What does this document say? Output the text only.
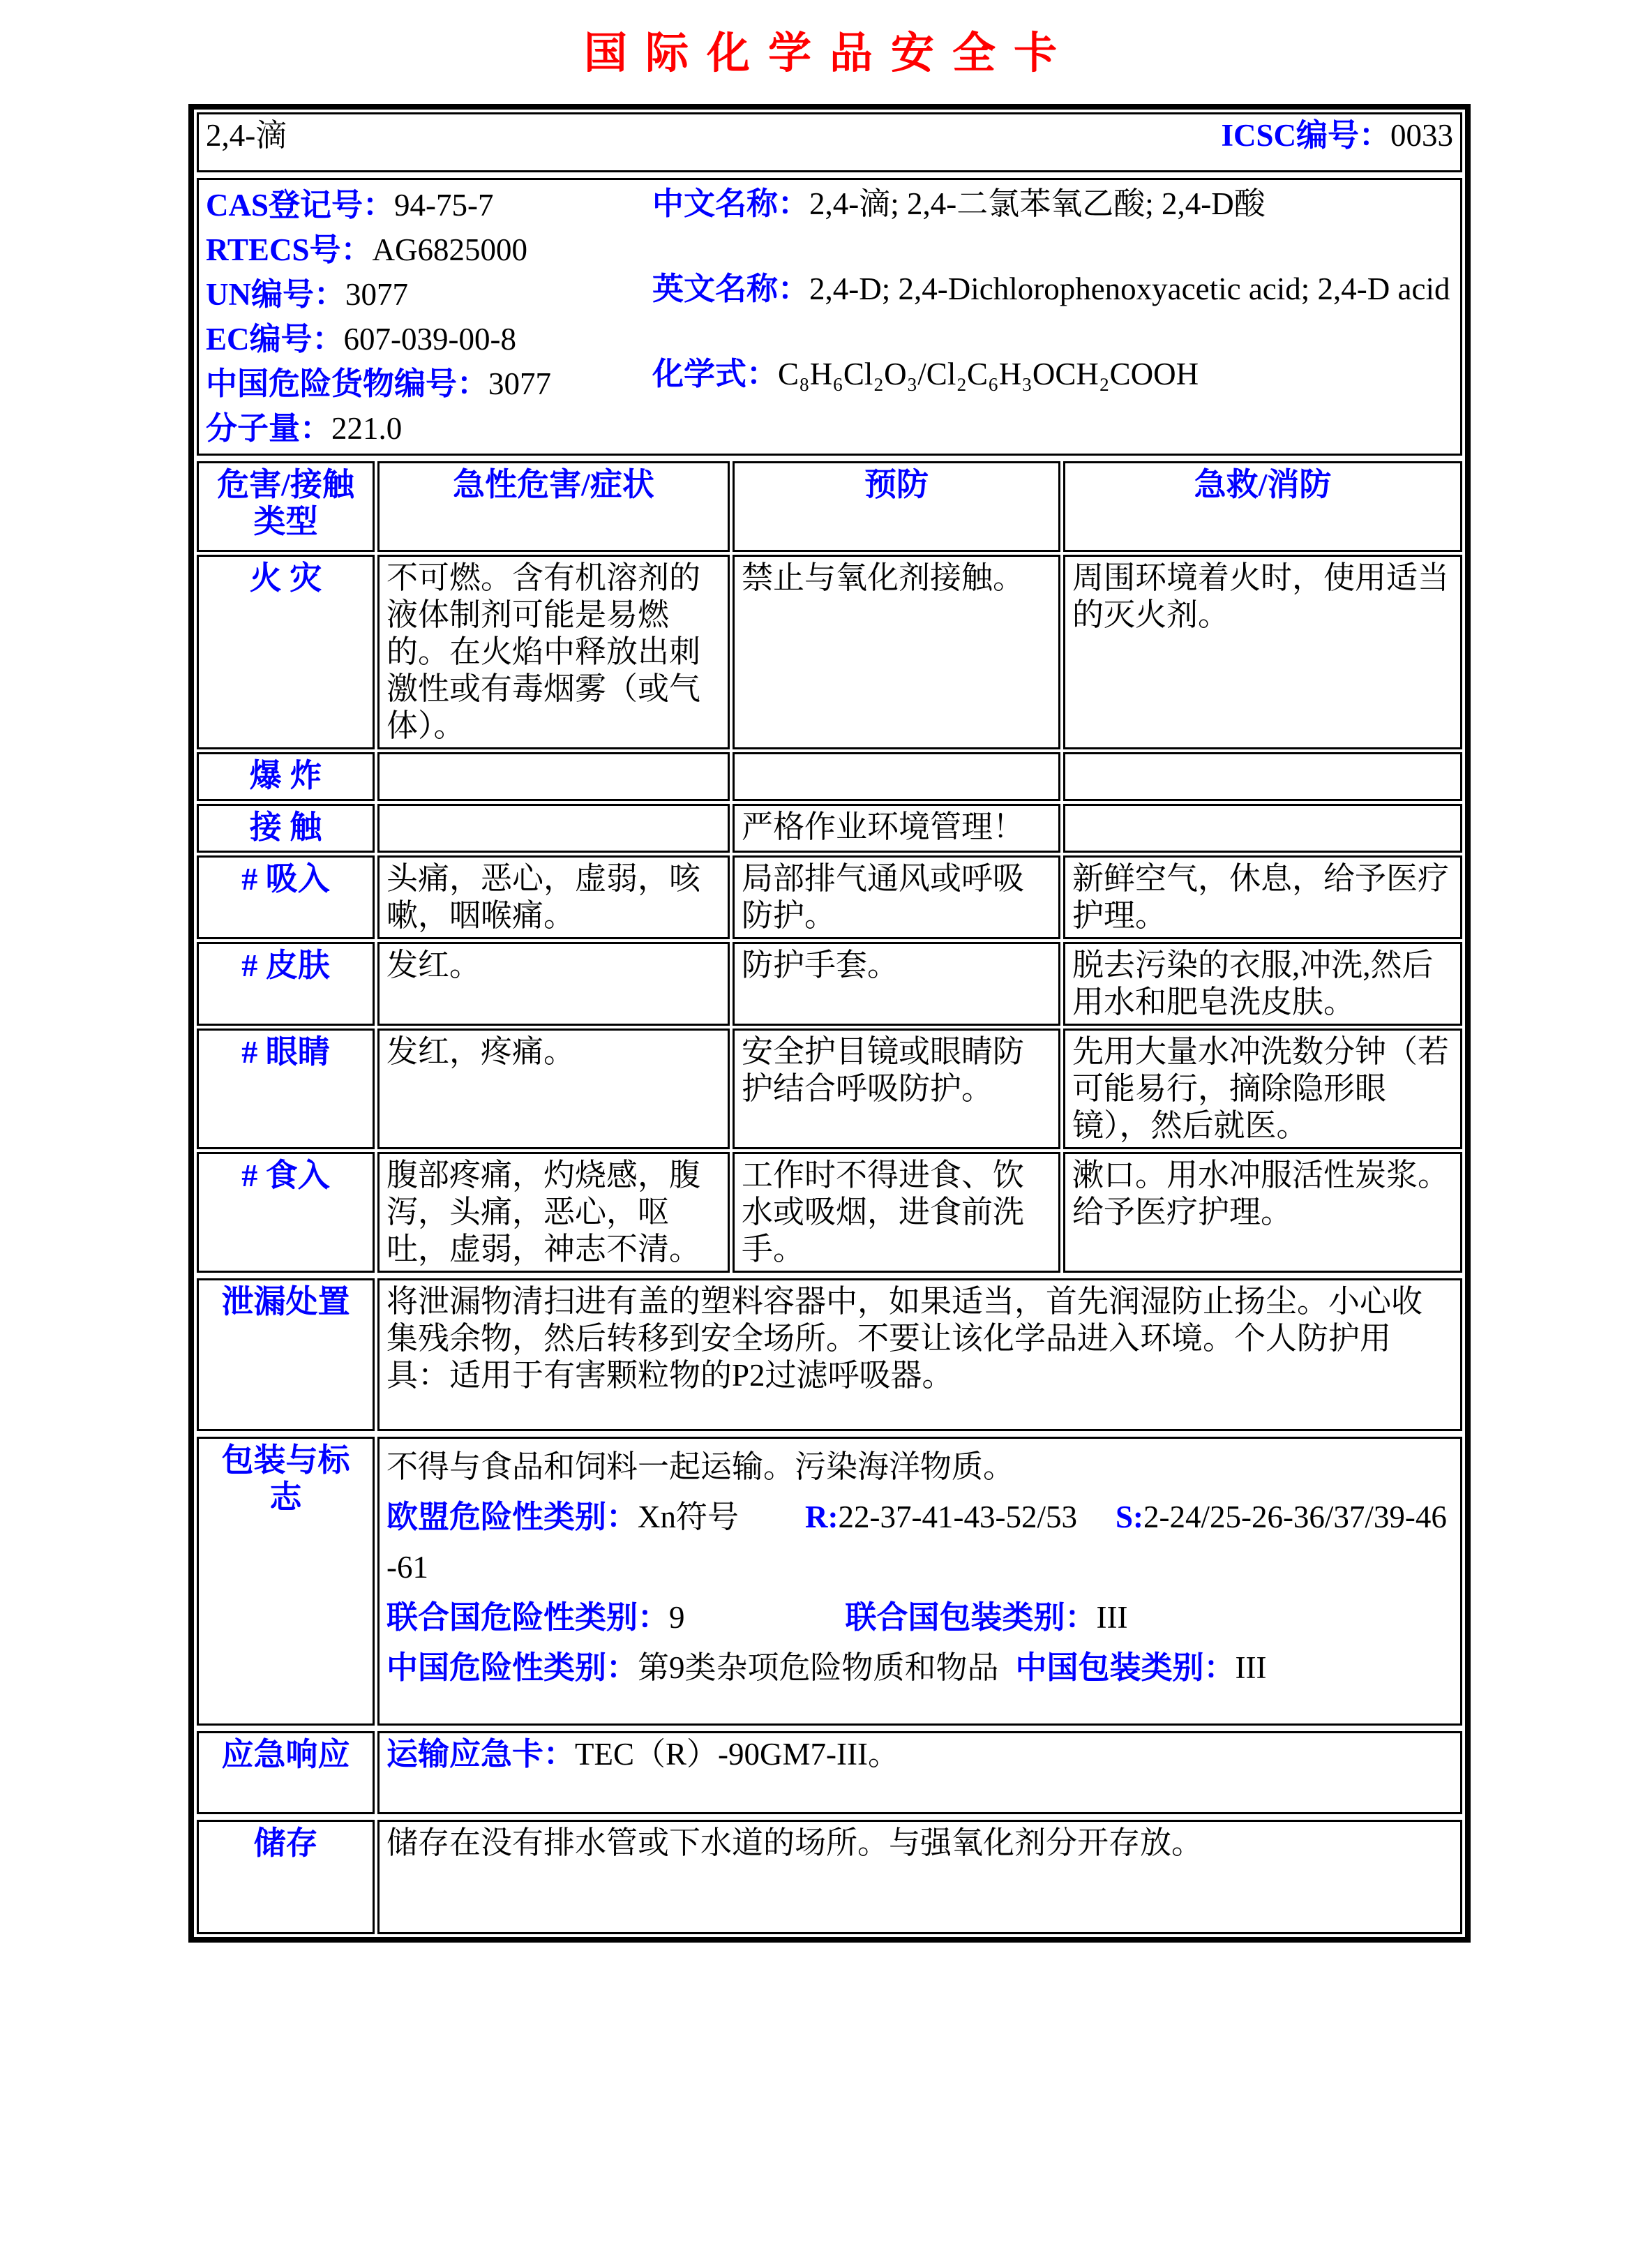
国际化学品安全卡
2,4-滴	ICSC编号：0033
CAS登记号：94-75-7
RTECS号：AG6825000
UN编号：3077
EC编号：607-039-00-8
中国危险货物编号：3077
分子量：221.0

中文名称：2,4-滴; 2,4-二氯苯氧乙酸; 2,4-D酸

英文名称：2,4-D; 2,4-Dichlorophenoxyacetic acid; 2,4-D acid

化学式：C₈H₆Cl₂O₃/Cl₂C₆H₃OCH₂COOH

危害/接触
类型	急性危害/症状	预防	急救/消防
火 灾	不可燃。含有机溶剂的液体制剂可能是易燃的。在火焰中释放出刺激性或有毒烟雾（或气体）。	禁止与氧化剂接触。	周围环境着火时，使用适当的灭火剂。
爆 炸			
接 触		严格作业环境管理！	
# 吸入	头痛，恶心，虚弱，咳嗽，咽喉痛。	局部排气通风或呼吸防护。	新鲜空气，休息，给予医疗护理。
# 皮肤	发红。	防护手套。	脱去污染的衣服,冲洗,然后用水和肥皂洗皮肤。
# 眼睛	发红，疼痛。	安全护目镜或眼睛防护结合呼吸防护。	先用大量水冲洗数分钟（若可能易行，摘除隐形眼镜），然后就医。
# 食入	腹部疼痛，灼烧感，腹泻，头痛，恶心，呕吐，虚弱，神志不清。	工作时不得进食、饮水或吸烟，进食前洗手。	漱口。用水冲服活性炭浆。给予医疗护理。
泄漏处置	将泄漏物清扫进有盖的塑料容器中，如果适当，首先润湿防止扬尘。小心收集残余物，然后转移到安全场所。不要让该化学品进入环境。个人防护用具：适用于有害颗粒物的P2过滤呼吸器。
包装与标志	

不得与食品和饲料一起运输。污染海洋物质。

欧盟危险性类别：Xn符号 R:22-37-41-43-52/53 S:2-24/25-26-36/37/39-46-61

联合国危险性类别：9	联合国包装类别：III

中国危险性类别：第9类杂项危险物质和物品 中国包装类别：III

应急响应	运输应急卡：TEC（R）-90GM7-III。
储存	储存在没有排水管或下水道的场所。与强氧化剂分开存放。
